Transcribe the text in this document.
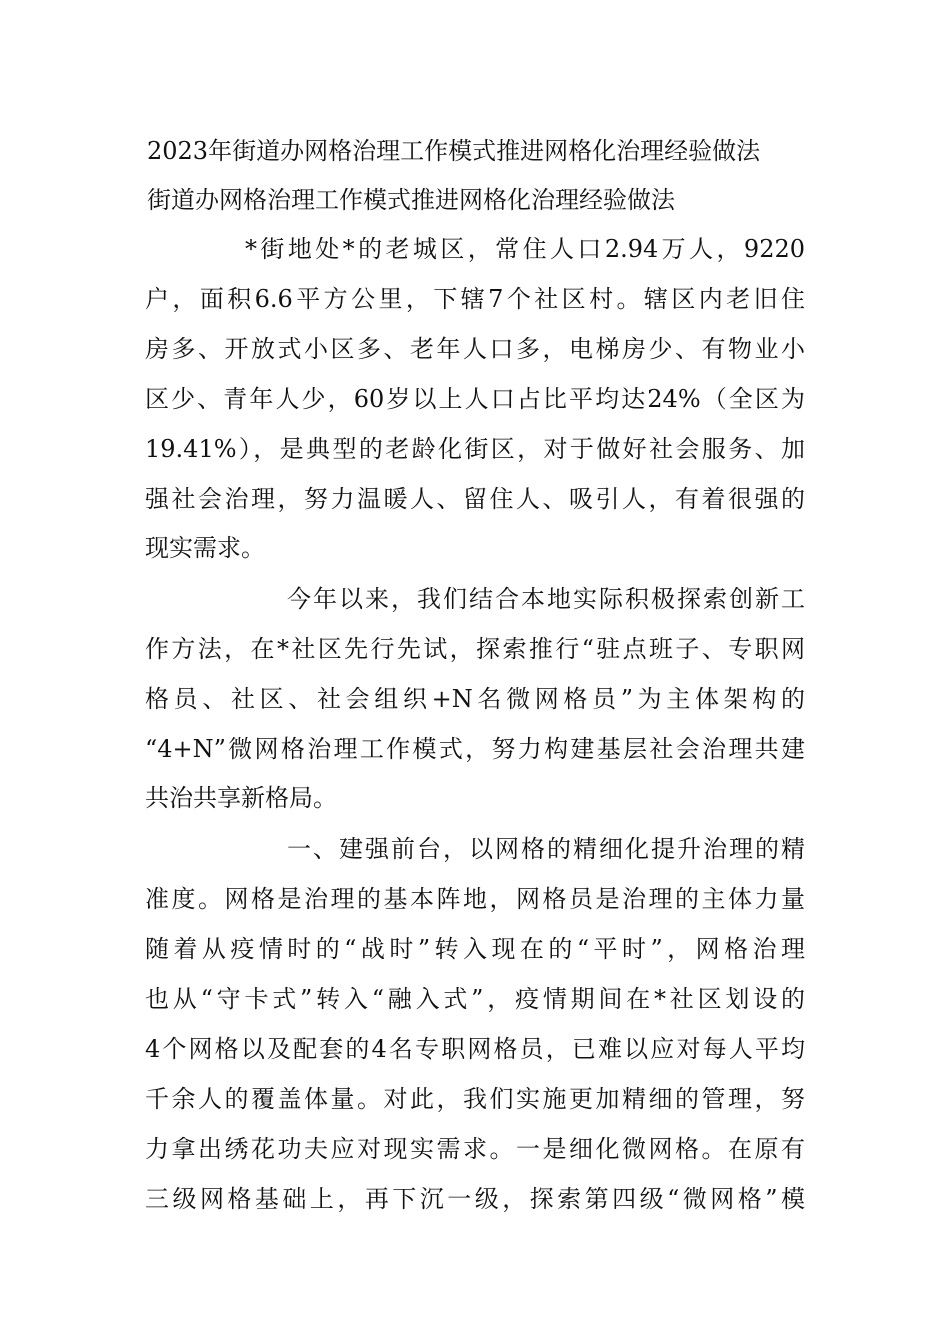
2023年街道办网格治理工作模式推进网格化治理经验做法
街道办网格治理工作模式推进网格化治理经验做法
*街地处*的老城区，常住人口2.94万人，9220
户，面积6.6平方公里，下辖7个社区村。辖区内老旧住
房多、开放式小区多、老年人口多，电梯房少、有物业小
区少、青年人少，60岁以上人口占比平均达24%（全区为
19.41%），是典型的老龄化街区，对于做好社会服务、加
强社会治理，努力温暖人、留住人、吸引人，有着很强的
现实需求。
今年以来，我们结合本地实际积极探索创新工
作方法，在*社区先行先试，探索推行“驻点班子、专职网
格员、社区、社会组织+N名微网格员”为主体架构的
“4+N”微网格治理工作模式，努力构建基层社会治理共建
共治共享新格局。
一、建强前台，以网格的精细化提升治理的精
准度。网格是治理的基本阵地，网格员是治理的主体力量
随着从疫情时的“战时”转入现在的“平时”，网格治理
也从“守卡式”转入“融入式”，疫情期间在*社区划设的
4个网格以及配套的4名专职网格员，已难以应对每人平均
千余人的覆盖体量。对此，我们实施更加精细的管理，努
力拿出绣花功夫应对现实需求。一是细化微网格。在原有
三级网格基础上，再下沉一级，探索第四级“微网格”模
